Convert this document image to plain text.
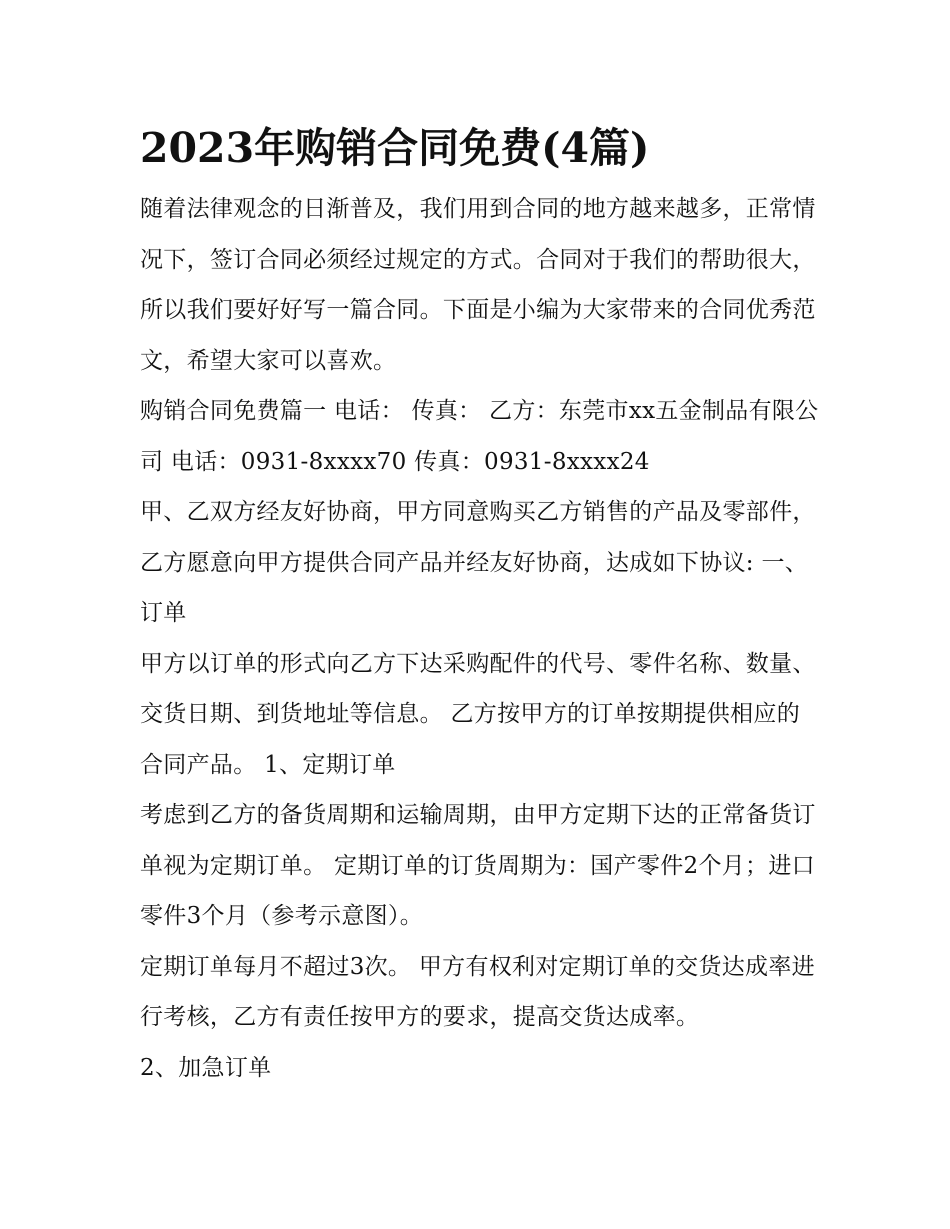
2023年购销合同免费(4篇)

随着法律观念的日渐普及，我们用到合同的地方越来越多，正常情况下，签订合同必须经过规定的方式。合同对于我们的帮助很大，所以我们要好好写一篇合同。下面是小编为大家带来的合同优秀范文，希望大家可以喜欢。

购销合同免费篇一 电话： 传真： 乙方：东莞市xx五金制品有限公司 电话：0931-8xxxx70 传真：0931-8xxxx24

甲、乙双方经友好协商，甲方同意购买乙方销售的产品及零部件，乙方愿意向甲方提供合同产品并经友好协商，达成如下协议: 一、订单

甲方以订单的形式向乙方下达采购配件的代号、零件名称、数量、交货日期、到货地址等信息。 乙方按甲方的订单按期提供相应的合同产品。 1、定期订单

考虑到乙方的备货周期和运输周期，由甲方定期下达的正常备货订单视为定期订单。 定期订单的订货周期为：国产零件2个月；进口零件3个月（参考示意图）。

定期订单每月不超过3次。 甲方有权利对定期订单的交货达成率进行考核，乙方有责任按甲方的要求，提高交货达成率。

2、加急订单
